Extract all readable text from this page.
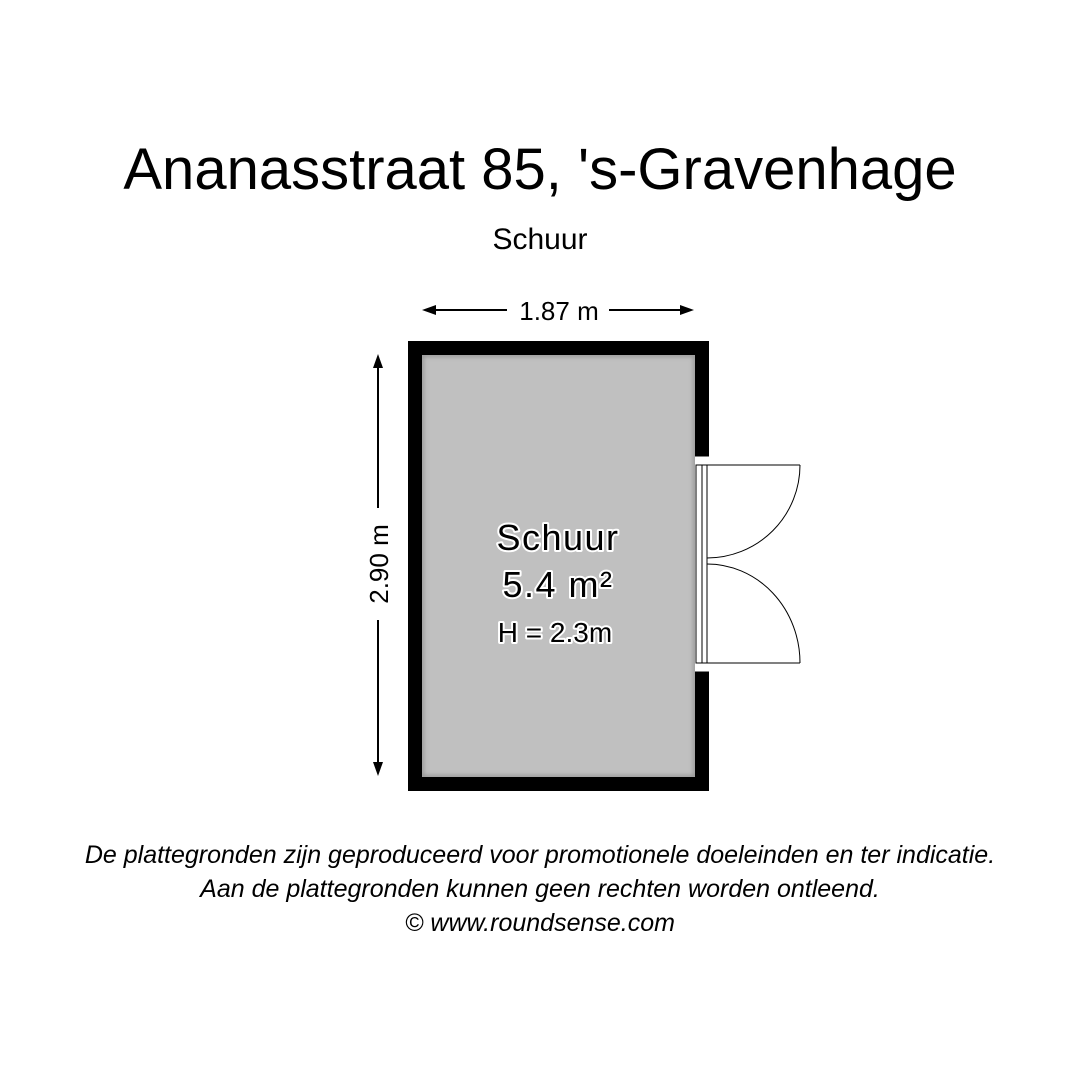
Ananasstraat 85, 's-Gravenhage
Schuur
1.87 m
2.90 m	Schuur
5.4 m²
H = 2.3m
De plattegronden zijn geproduceerd voor promotionele doeleinden en ter indicatie.
Aan de plattegronden kunnen geen rechten worden ontleend.
© www.roundsense.com
